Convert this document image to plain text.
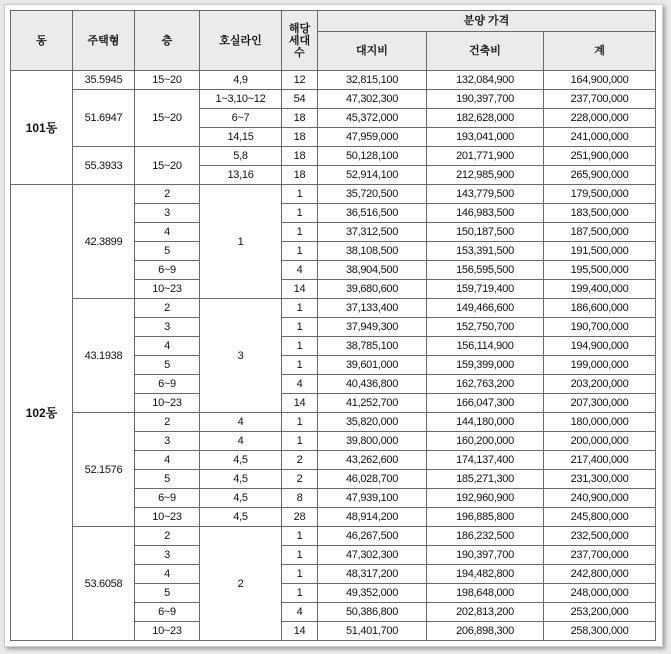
동	주택형	층	호실라인	해당
세대
수	분양 가격		
					대지비	건축비	계
101동	35.5945	15~20	4,9	12	32,815,100	132,084,900	164,900,000
	51.6947	15~20	1~3,10~12	54	47,302,300	190,397,700	237,700,000
			6~7	18	45,372,000	182,628,000	228,000,000
			14,15	18	47,959,000	193,041,000	241,000,000
	55.3933	15~20	5,8	18	50,128,100	201,771,900	251,900,000
			13,16	18	52,914,100	212,985,900	265,900,000
102동	42.3899	2	1	1	35,720,500	143,779,500	179,500,000
		3		1	36,516,500	146,983,500	183,500,000
		4		1	37,312,500	150,187,500	187,500,000
		5		1	38,108,500	153,391,500	191,500,000
		6~9		4	38,904,500	156,595,500	195,500,000
		10~23		14	39,680,600	159,719,400	199,400,000
	43.1938	2	3	1	37,133,400	149,466,600	186,600,000
		3		1	37,949,300	152,750,700	190,700,000
		4		1	38,785,100	156,114,900	194,900,000
		5		1	39,601,000	159,399,000	199,000,000
		6~9		4	40,436,800	162,763,200	203,200,000
		10~23		14	41,252,700	166,047,300	207,300,000
	52.1576	2	4	1	35,820,000	144,180,000	180,000,000
		3	4	1	39,800,000	160,200,000	200,000,000
		4	4,5	2	43,262,600	174,137,400	217,400,000
		5	4,5	2	46,028,700	185,271,300	231,300,000
		6~9	4,5	8	47,939,100	192,960,900	240,900,000
		10~23	4,5	28	48,914,200	196,885,800	245,800,000
	53.6058	2	2	1	46,267,500	186,232,500	232,500,000
		3		1	47,302,300	190,397,700	237,700,000
		4		1	48,317,200	194,482,800	242,800,000
		5		1	49,352,000	198,648,000	248,000,000
		6~9		4	50,386,800	202,813,200	253,200,000
		10~23		14	51,401,700	206,898,300	258,300,000
